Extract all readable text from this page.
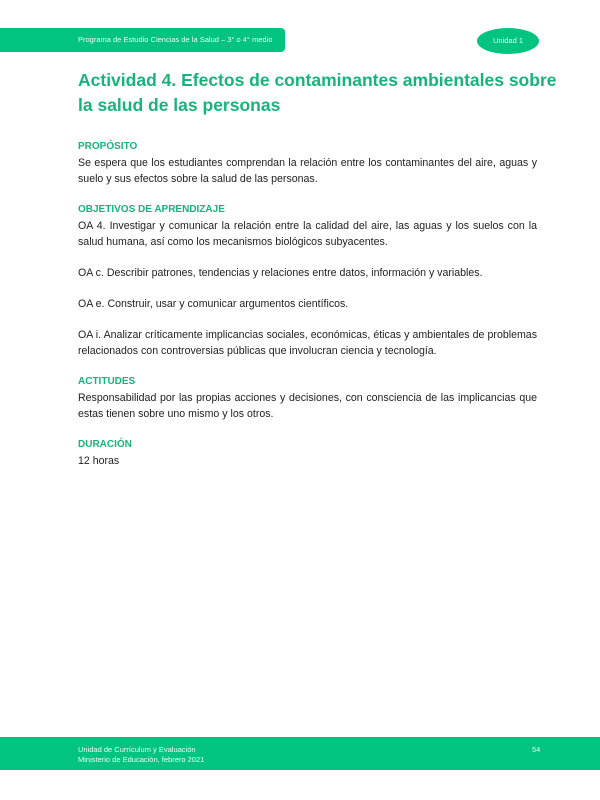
Programa de Estudio Ciencias de la Salud – 3° o 4° medio	Unidad 1
Actividad 4. Efectos de contaminantes ambientales sobre la salud de las personas
PROPÓSITO

Se espera que los estudiantes comprendan la relación entre los contaminantes del aire, aguas y suelo y sus efectos sobre la salud de las personas.

OBJETIVOS DE APRENDIZAJE

OA 4. Investigar y comunicar la relación entre la calidad del aire, las aguas y los suelos con la salud humana, así como los mecanismos biológicos subyacentes.

OA c. Describir patrones, tendencias y relaciones entre datos, información y variables.

OA e. Construir, usar y comunicar argumentos científicos.

OA i. Analizar críticamente implicancias sociales, económicas, éticas y ambientales de problemas relacionados con controversias públicas que involucran ciencia y tecnología.

ACTITUDES

Responsabilidad por las propias acciones y decisiones, con consciencia de las implicancias que estas tienen sobre uno mismo y los otros.

DURACIÓN

12 horas

Unidad de Currículum y Evaluación
Ministerio de Educación, febrero 2021
54
